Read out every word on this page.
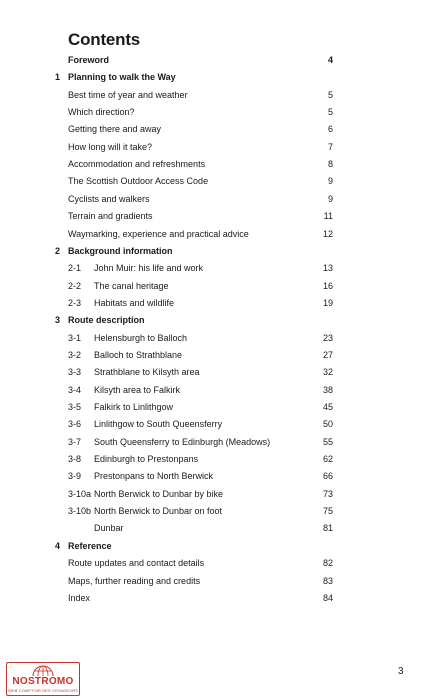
Contents
Foreword	4
1 Planning to walk the Way
Best time of year and weather	5
Which direction?	5
Getting there and away	6
How long will it take?	7
Accommodation and refreshments	8
The Scottish Outdoor Access Code	9
Cyclists and walkers	9
Terrain and gradients	11
Waymarking, experience and practical advice	12
2 Background information
2-1 John Muir: his life and work	13
2-2 The canal heritage	16
2-3 Habitats and wildlife	19
3 Route description
3-1 Helensburgh to Balloch	23
3-2 Balloch to Strathblane	27
3-3 Strathblane to Kilsyth area	32
3-4 Kilsyth area to Falkirk	38
3-5 Falkirk to Linlithgow	45
3-6 Linlithgow to South Queensferry	50
3-7 South Queensferry to Edinburgh (Meadows)	55
3-8 Edinburgh to Prestonpans	62
3-9 Prestonpans to North Berwick	66
3-10a North Berwick to Dunbar by bike	73
3-10b North Berwick to Dunbar on foot	75
Dunbar	81
4 Reference
Route updates and contact details	82
Maps, further reading and credits	83
Index	84
3
NOSTROMO
WEB COMPTOIR DES VOYAGEURS
